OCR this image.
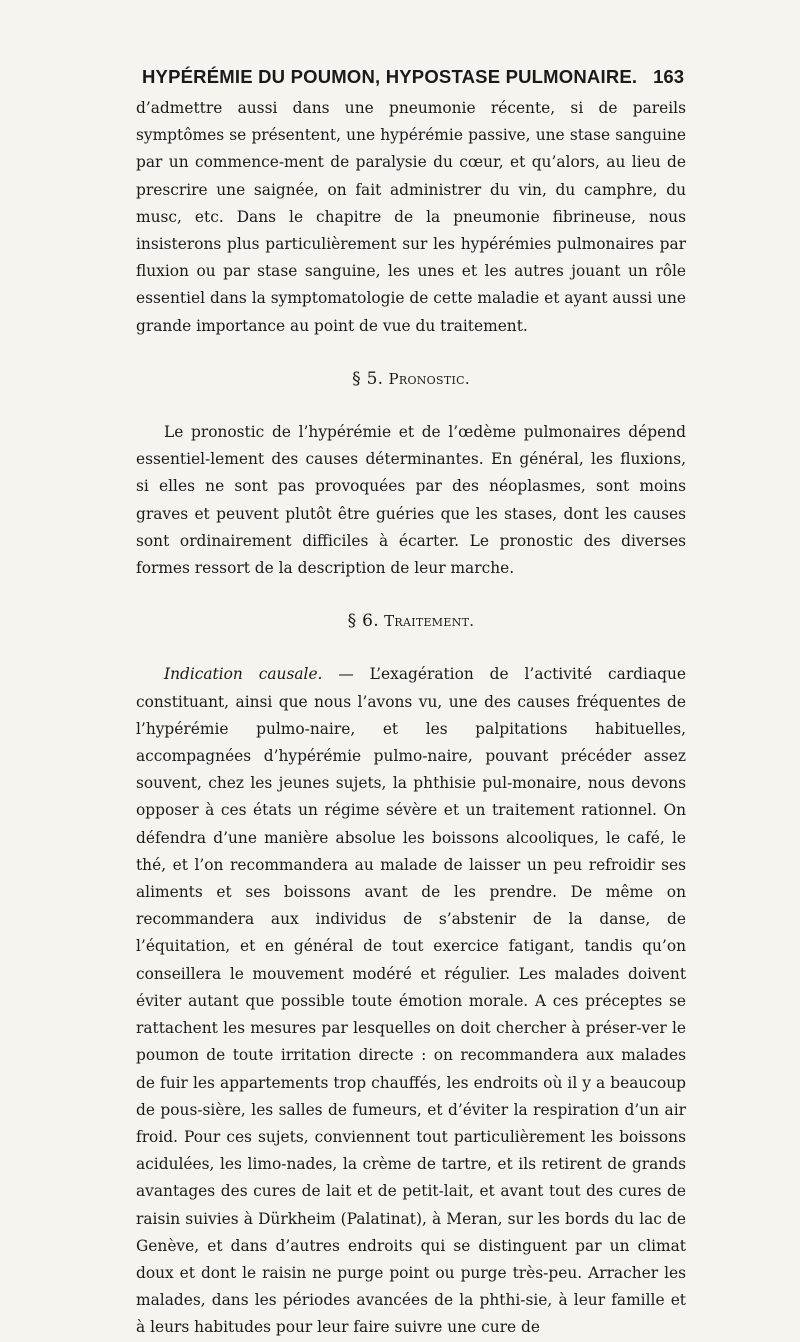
HYPÉRÉMIE DU POUMON, HYPOSTASE PULMONAIRE. 163

d’admettre aussi dans une pneumonie récente, si de pareils symptômes se présentent, une hypérémie passive, une stase sanguine par un commence-ment de paralysie du cœur, et qu’alors, au lieu de prescrire une saignée, on fait administrer du vin, du camphre, du musc, etc. Dans le chapitre de la pneumonie fibrineuse, nous insisterons plus particulièrement sur les hypérémies pulmonaires par fluxion ou par stase sanguine, les unes et les autres jouant un rôle essentiel dans la symptomatologie de cette maladie et ayant aussi une grande importance au point de vue du traitement.

§ 5. Pronostic.

Le pronostic de l’hypérémie et de l’œdème pulmonaires dépend essentiel-lement des causes déterminantes. En général, les fluxions, si elles ne sont pas provoquées par des néoplasmes, sont moins graves et peuvent plutôt être guéries que les stases, dont les causes sont ordinairement difficiles à écarter. Le pronostic des diverses formes ressort de la description de leur marche.

§ 6. Traitement.

Indication causale. — L’exagération de l’activité cardiaque constituant, ainsi que nous l’avons vu, une des causes fréquentes de l’hypérémie pulmo-naire, et les palpitations habituelles, accompagnées d’hypérémie pulmo-naire, pouvant précéder assez souvent, chez les jeunes sujets, la phthisie pul-monaire, nous devons opposer à ces états un régime sévère et un traitement rationnel. On défendra d’une manière absolue les boissons alcooliques, le café, le thé, et l’on recommandera au malade de laisser un peu refroidir ses aliments et ses boissons avant de les prendre. De même on recommandera aux individus de s’abstenir de la danse, de l’équitation, et en général de tout exercice fatigant, tandis qu’on conseillera le mouvement modéré et régulier. Les malades doivent éviter autant que possible toute émotion morale. A ces préceptes se rattachent les mesures par lesquelles on doit chercher à préser-ver le poumon de toute irritation directe : on recommandera aux malades de fuir les appartements trop chauffés, les endroits où il y a beaucoup de pous-sière, les salles de fumeurs, et d’éviter la respiration d’un air froid. Pour ces sujets, conviennent tout particulièrement les boissons acidulées, les limo-nades, la crème de tartre, et ils retirent de grands avantages des cures de lait et de petit-lait, et avant tout des cures de raisin suivies à Dürkheim (Palatinat), à Meran, sur les bords du lac de Genève, et dans d’autres endroits qui se distinguent par un climat doux et dont le raisin ne purge point ou purge très-peu. Arracher les malades, dans les périodes avancées de la phthi-sie, à leur famille et à leurs habitudes pour leur faire suivre une cure de
